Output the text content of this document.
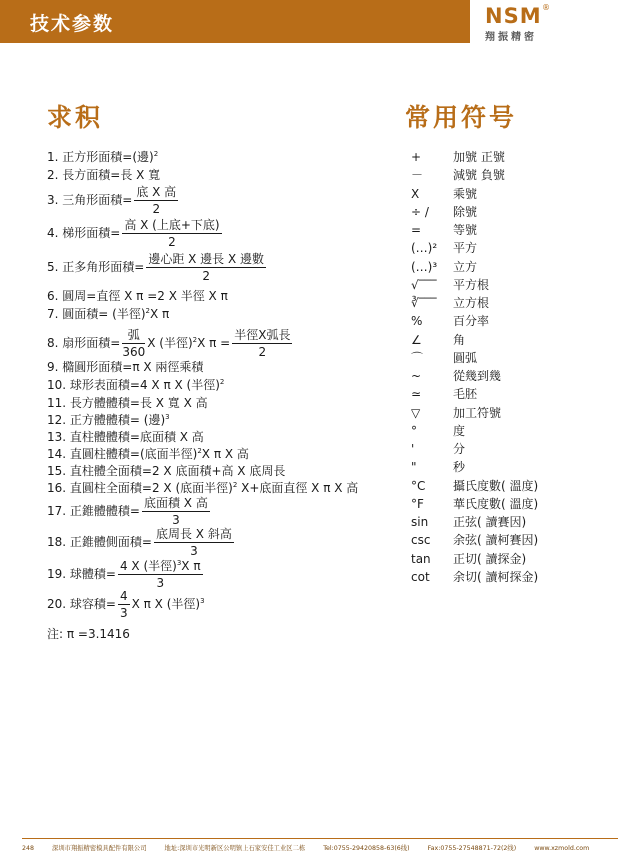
技术参数	NSM ®
翔振精密
求积	常用符号
1. 正方形面積=(邊)$^2$
2. 長方面積=長 X 寬
3. 三角形面積= $\frac{\text{底 X 高}}{2}$
4. 梯形面積= $\frac{\text{高 X (上底+下底)}}{2}$
5. 正多角形面積= $\frac{\text{邊心距 X 邊長 X 邊數}}{2}$
6. 圓周=直徑 X π =2 X 半徑 X π
7. 圓面積= (半徑)$^2$X π
8. 扇形面積= $\frac{\text{弧}}{360}$ X (半徑)$^2$X $\pi = \frac{\text{半徑X弧長}}{2}$
9. 橢圓形面積=π X 兩徑乘積
10. 球形表面積=4 X π X (半徑)$^2$
11. 長方體體積=長 X 寬 X 高
12. 正方體體積= (邊)$^3$
13. 直柱體體積=底面積 X 高
14. 直圓柱體積=(底面半徑)$^2$X π X 高
15. 直柱體全面積=2 X 底面積+高 X 底周長
16. 直圓柱全面積=2 X (底面半徑)$^2$ X+底面直徑 X π X 高
17. 正錐體體積= $\frac{\text{底面積 X 高}}{3}$
18. 正錐體側面積= $\frac{\text{底周長 X 斜高}}{3}$
19. 球體積= $\frac{4 X (半徑)^3X \pi}{3}$
20. 球容積= $\frac{4}{3}$ X π X (半徑)$^3$
注: π =3.1416
+	加號 正號
－	減號 負號
X	乘號
÷ /	除號
=	等號
(…)²	平方
(…)³	立方
√‾‾‾	平方根
∛‾‾‾	立方根
%	百分率
∠	角
⌒	圓弧
~	從幾到幾
≃	毛胚
▽	加工符號
°	度
'	分
"	秒
°C	攝氏度數( 溫度)
°F	華氏度數( 溫度)
sin	正弦( 讀賽因)
csc	余弦( 讀柯賽因)
tan	正切( 讀探金)
cot	余切( 讀柯探金)
248	深圳市翔振精密模具配件有限公司	地址:深圳市光明新区公明镇上石家安佳工业区二栋	Tel:0755-29420858-63(6线)	Fax:0755-27548871-72(2线)	www.xzmold.com
